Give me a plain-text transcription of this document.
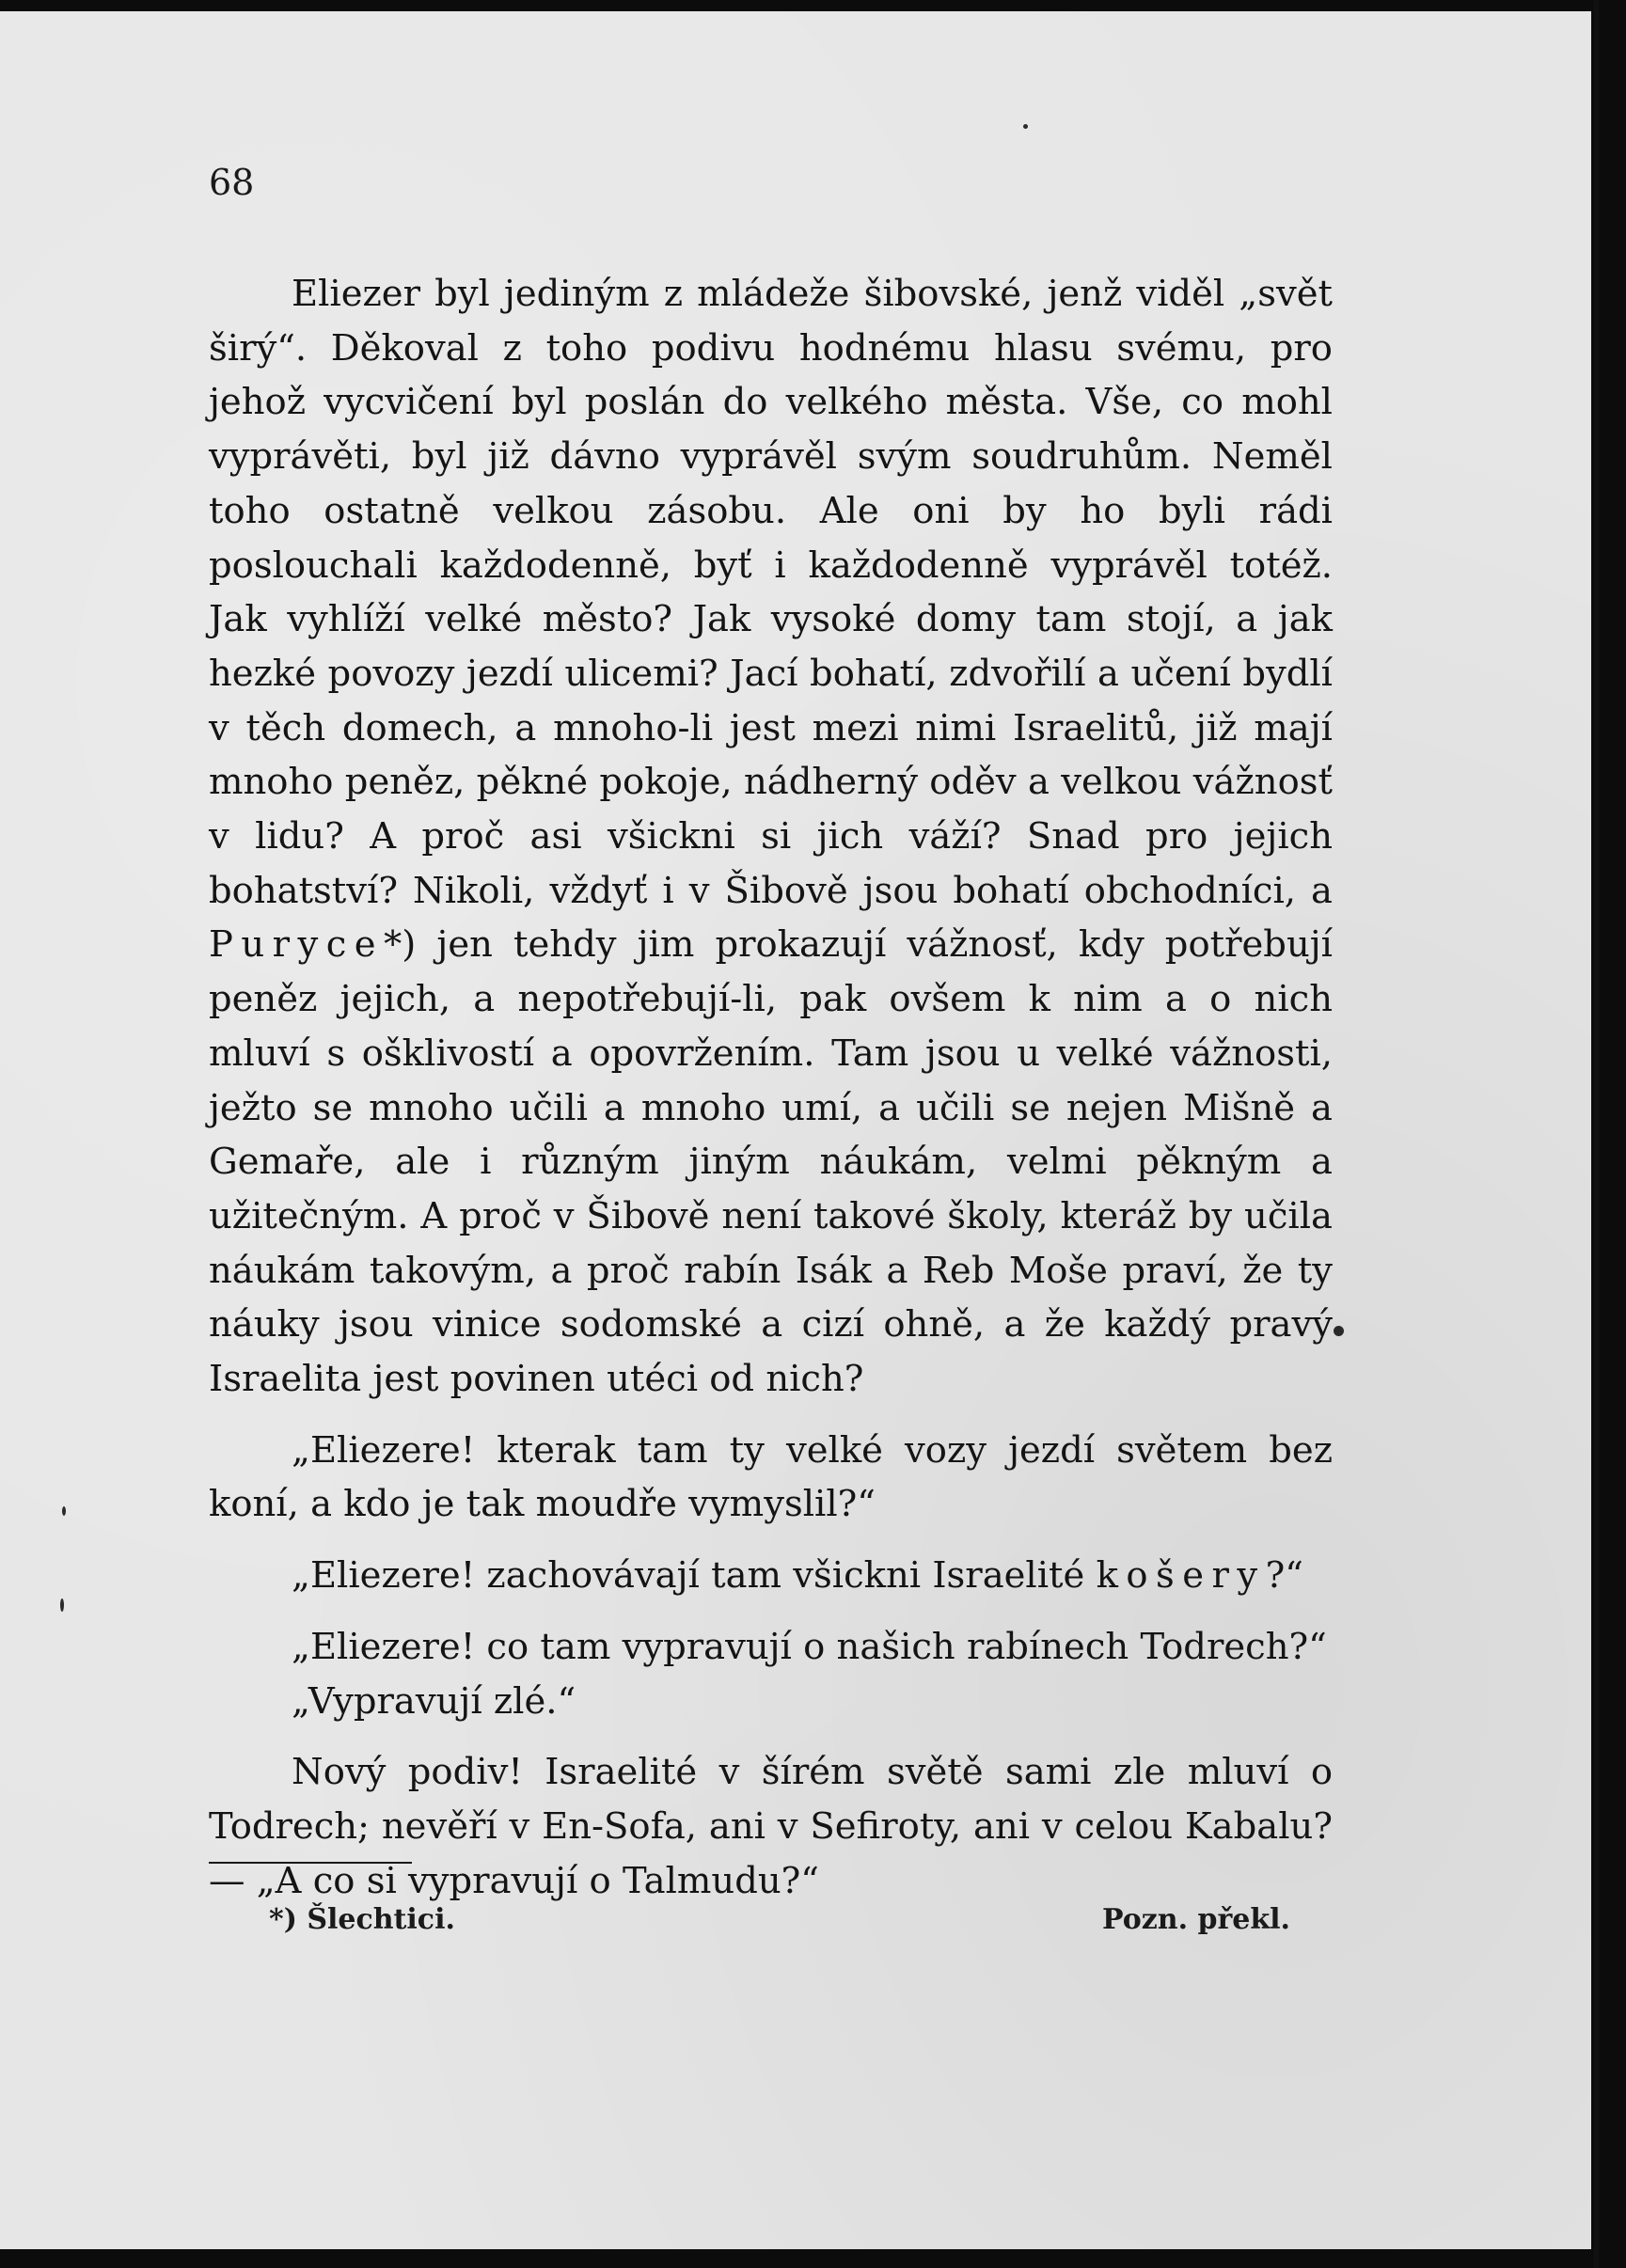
68

Eliezer byl jediným z mládeže šibovské, jenž viděl „svět širý“. Děkoval z toho podivu hodnému hlasu svému, pro jehož vycvičení byl poslán do velkého města. Vše, co mohl vyprávěti, byl již dávno vyprávěl svým soudruhům. Neměl toho ostatně velkou zásobu. Ale oni by ho byli rádi poslouchali každodenně, byť i každodenně vyprávěl totéž. Jak vyhlíží velké město? Jak vysoké domy tam stojí, a jak hezké povozy jezdí ulicemi? Jací bohatí, zdvořilí a učení bydlí v těch domech, a mnoho-li jest mezi nimi Israelitů, již mají mnoho peněz, pěkné pokoje, nádherný oděv a velkou vážnosť v lidu? A proč asi všickni si jich váží? Snad pro jejich bohatství? Nikoli, vždyť i v Šibově jsou bohatí obchodníci, a Puryce*) jen tehdy jim prokazují vážnosť, kdy potřebují peněz jejich, a nepotřebují-li, pak ovšem k nim a o nich mluví s ošklivostí a opovržením. Tam jsou u velké vážnosti, ježto se mnoho učili a mnoho umí, a učili se nejen Mišně a Gemaře, ale i různým jiným náukám, velmi pěkným a užitečným. A proč v Šibově není takové školy, kteráž by učila náukám takovým, a proč rabín Isák a Reb Moše praví, že ty náuky jsou vinice sodomské a cizí ohně, a že každý pravý Israelita jest povinen utéci od nich?

„Eliezere! kterak tam ty velké vozy jezdí světem bez koní, a kdo je tak moudře vymyslil?“

„Eliezere! zachovávají tam všickni Israelité košery?“

„Eliezere! co tam vypravují o našich rabínech Todrech?“

„Vypravují zlé.“

Nový podiv! Israelité v šírém světě sami zle mluví o Todrech; nevěří v En-Sofa, ani v Sefiroty, ani v celou Kabalu? — „A co si vypravují o Talmudu?“

*) Šlechtici.	Pozn. překl.
